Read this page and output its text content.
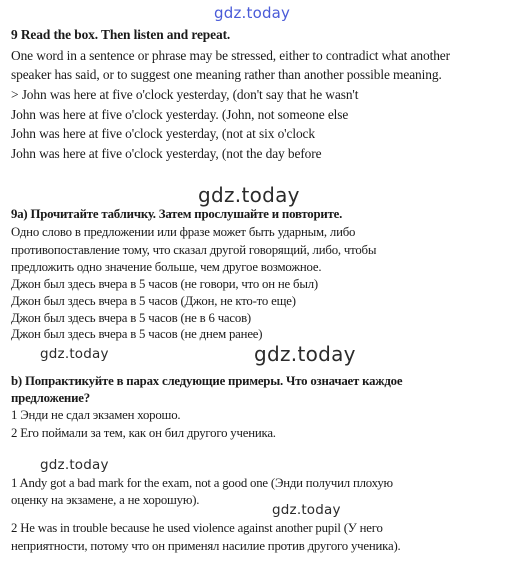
gdz.today
9 Read the box. Then listen and repeat.
One word in a sentence or phrase may be stressed, either to contradict what another
speaker has said, or to suggest one meaning rather than another possible meaning.
> John was here at five o'clock yesterday, (don't say that he wasn't
John was here at five o'clock yesterday. (John, not someone else
John was here at five o'clock yesterday, (not at six o'clock
John was here at five o'clock yesterday, (not the day before
gdz.today
9a) Прочитайте табличку. Затем прослушайте и повторите.
Одно слово в предложении или фразе может быть ударным, либо
противопоставление тому, что сказал другой говорящий, либо, чтобы
предложить одно значение больше, чем другое возможное.
Джон был здесь вчера в 5 часов (не говори, что он не был)
Джон был здесь вчера в 5 часов (Джон, не кто-то еще)
Джон был здесь вчера в 5 часов (не в 6 часов)
Джон был здесь вчера в 5 часов (не днем ранее)
gdz.today	gdz.today
b) Попрактикуйте в парах следующие примеры. Что означает каждое
предложение?
1 Энди не сдал экзамен хорошо.
2 Его поймали за тем, как он бил другого ученика.
gdz.today
1 Andy got a bad mark for the exam, not a good one (Энди получил плохую
оценку на экзамене, а не хорошую).
gdz.today
2 He was in trouble because he used violence against another pupil (У него
неприятности, потому что он применял насилие против другого ученика).
